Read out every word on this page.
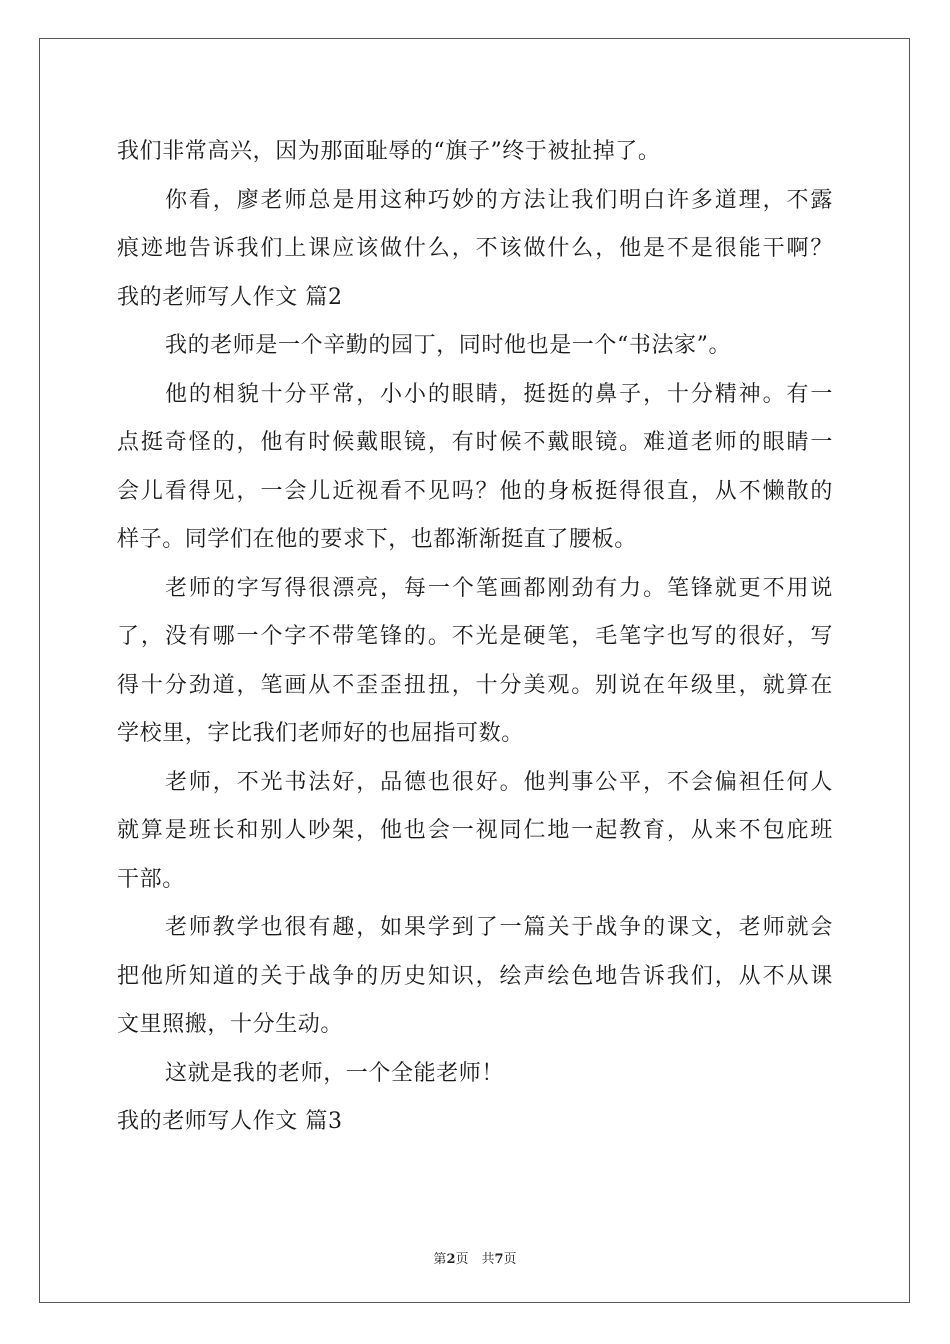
我们非常高兴，因为那面耻辱的“旗子”终于被扯掉了。
你看，廖老师总是用这种巧妙的方法让我们明白许多道理，不露
痕迹地告诉我们上课应该做什么，不该做什么，他是不是很能干啊？
我的老师写人作文 篇2
我的老师是一个辛勤的园丁，同时他也是一个“书法家”。
他的相貌十分平常，小小的眼睛，挺挺的鼻子，十分精神。有一
点挺奇怪的，他有时候戴眼镜，有时候不戴眼镜。难道老师的眼睛一
会儿看得见，一会儿近视看不见吗？他的身板挺得很直，从不懒散的
样子。同学们在他的要求下，也都渐渐挺直了腰板。
老师的字写得很漂亮，每一个笔画都刚劲有力。笔锋就更不用说
了，没有哪一个字不带笔锋的。不光是硬笔，毛笔字也写的很好，写
得十分劲道，笔画从不歪歪扭扭，十分美观。别说在年级里，就算在
学校里，字比我们老师好的也屈指可数。
老师，不光书法好，品德也很好。他判事公平，不会偏袒任何人
就算是班长和别人吵架，他也会一视同仁地一起教育，从来不包庇班
干部。
老师教学也很有趣，如果学到了一篇关于战争的课文，老师就会
把他所知道的关于战争的历史知识，绘声绘色地告诉我们，从不从课
文里照搬，十分生动。
这就是我的老师，一个全能老师！
我的老师写人作文 篇3
第2页　共7页
